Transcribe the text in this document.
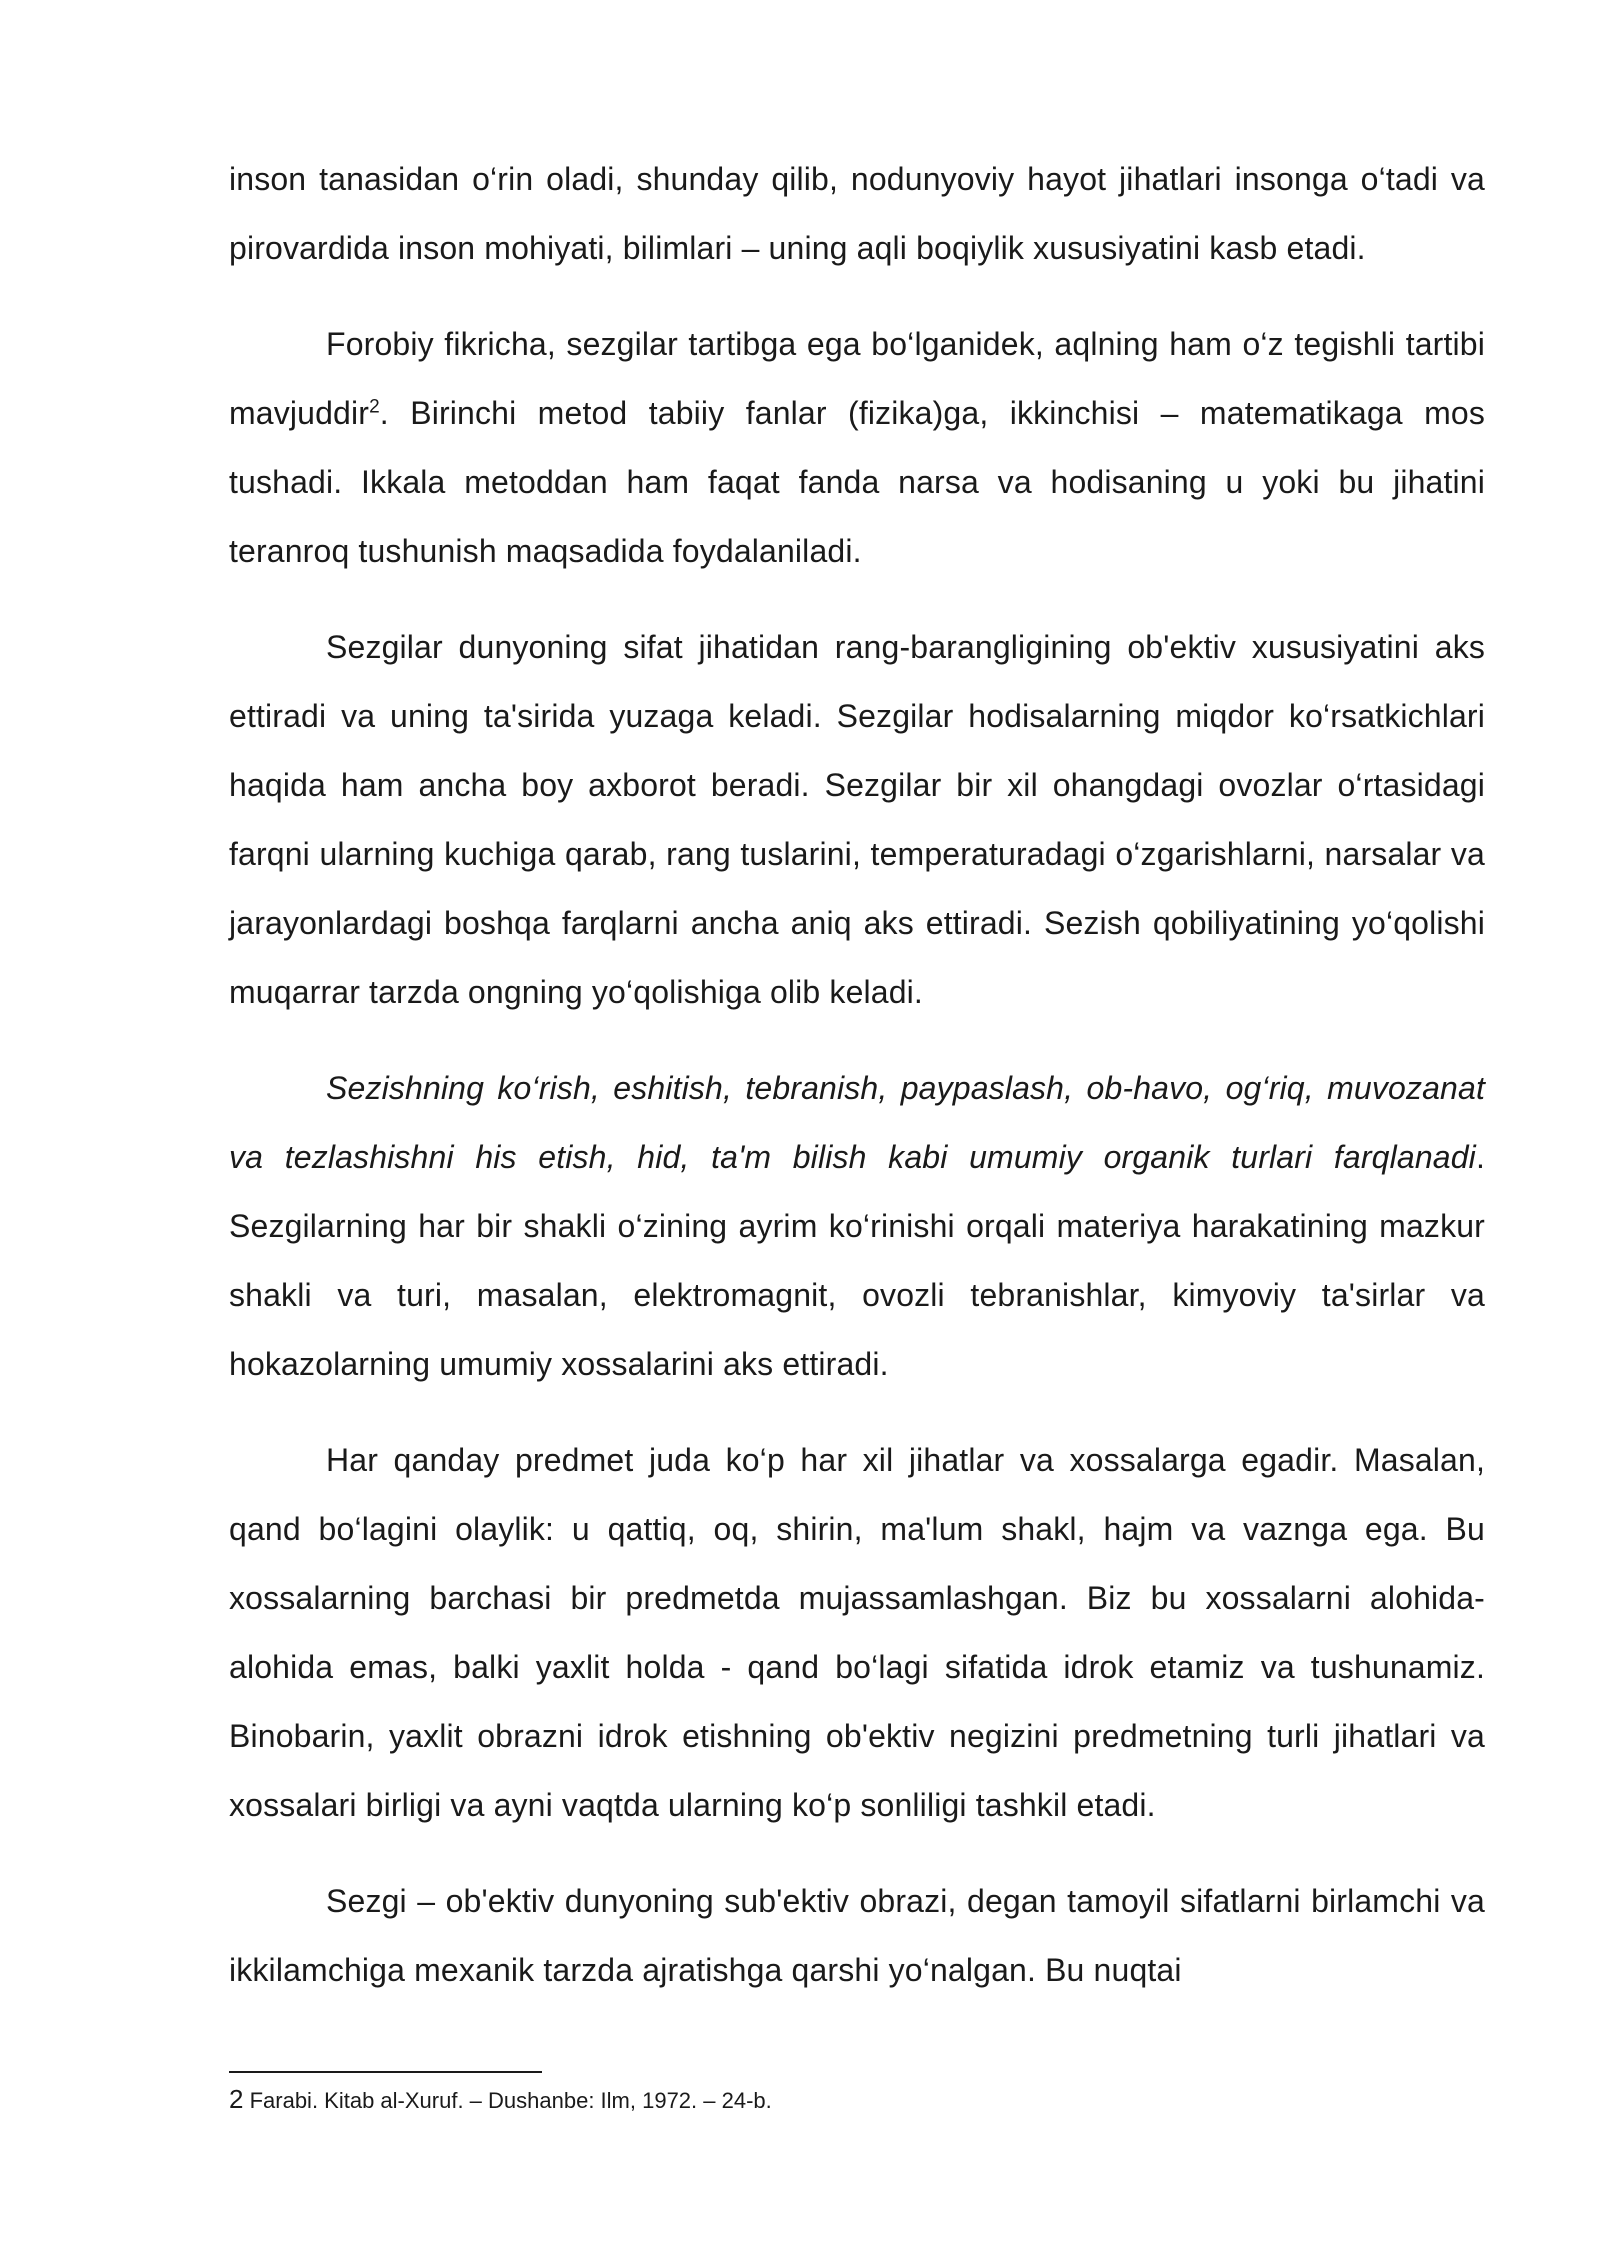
inson tanasidan o‘rin oladi, shunday qilib, nodunyoviy hayot jihatlari insonga o‘tadi va pirovardida inson mohiyati, bilimlari – uning aqli boqiylik xususiyatini kasb etadi.

Forobiy fikricha, sezgilar tartibga ega bo‘lganidek, aqlning ham o‘z tegishli tartibi mavjuddir$^2$. Birinchi metod tabiiy fanlar (fizika)ga, ikkinchisi – matematikaga mos tushadi. Ikkala metoddan ham faqat fanda narsa va hodisaning u yoki bu jihatini teranroq tushunish maqsadida foydalaniladi.

Sezgilar dunyoning sifat jihatidan rang-barangligining ob'ektiv xususiyatini aks ettiradi va uning ta'sirida yuzaga keladi. Sezgilar hodisalarning miqdor ko‘rsatkichlari haqida ham ancha boy axborot beradi. Sezgilar bir xil ohangdagi ovozlar o‘rtasidagi farqni ularning kuchiga qarab, rang tuslarini, temperaturadagi o‘zgarishlarni, narsalar va jarayonlardagi boshqa farqlarni ancha aniq aks ettiradi. Sezish qobiliyatining yo‘qolishi muqarrar tarzda ongning yo‘qolishiga olib keladi.

Sezishning ko‘rish, eshitish, tebranish, paypaslash, ob-havo, og‘riq, muvozanat va tezlashishni his etish, hid, ta'm bilish kabi umumiy organik turlari farqlanadi. Sezgilarning har bir shakli o‘zining ayrim ko‘rinishi orqali materiya harakatining mazkur shakli va turi, masalan, elektromagnit, ovozli tebranishlar, kimyoviy ta'sirlar va hokazolarning umumiy xossalarini aks ettiradi.

Har qanday predmet juda ko‘p har xil jihatlar va xossalarga egadir. Masalan, qand bo‘lagini olaylik: u qattiq, oq, shirin, ma'lum shakl, hajm va vaznga ega. Bu xossalarning barchasi bir predmetda mujassamlashgan. Biz bu xossalarni alohida-alohida emas, balki yaxlit holda - qand bo‘lagi sifatida idrok etamiz va tushunamiz. Binobarin, yaxlit obrazni idrok etishning ob'ektiv negizini predmetning turli jihatlari va xossalari birligi va ayni vaqtda ularning ko‘p sonliligi tashkil etadi.

Sezgi – ob'ektiv dunyoning sub'ektiv obrazi, degan tamoyil sifatlarni birlamchi va ikkilamchiga mexanik tarzda ajratishga qarshi yo‘nalgan. Bu nuqtai

2 Farabi. Kitab al-Xuruf. – Dushanbe: Ilm, 1972. – 24-b.
